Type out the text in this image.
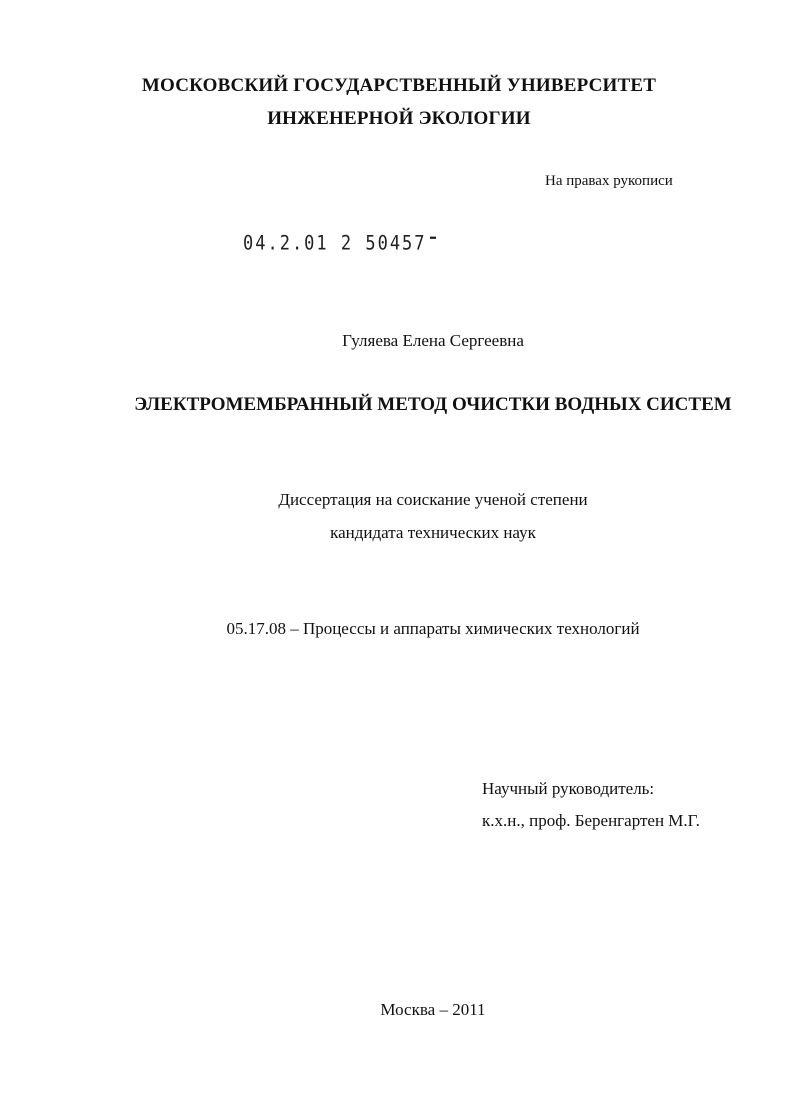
МОСКОВСКИЙ ГОСУДАРСТВЕННЫЙ УНИВЕРСИТЕТ
ИНЖЕНЕРНОЙ ЭКОЛОГИИ
На правах рукописи
04.2.01 2 50457
Гуляева Елена Сергеевна
ЭЛЕКТРОМЕМБРАННЫЙ МЕТОД ОЧИСТКИ ВОДНЫХ СИСТЕМ
Диссертация на соискание ученой степени
кандидата технических наук
05.17.08 – Процессы и аппараты химических технологий
Научный руководитель:
к.х.н., проф. Беренгартен М.Г.
Москва – 2011
